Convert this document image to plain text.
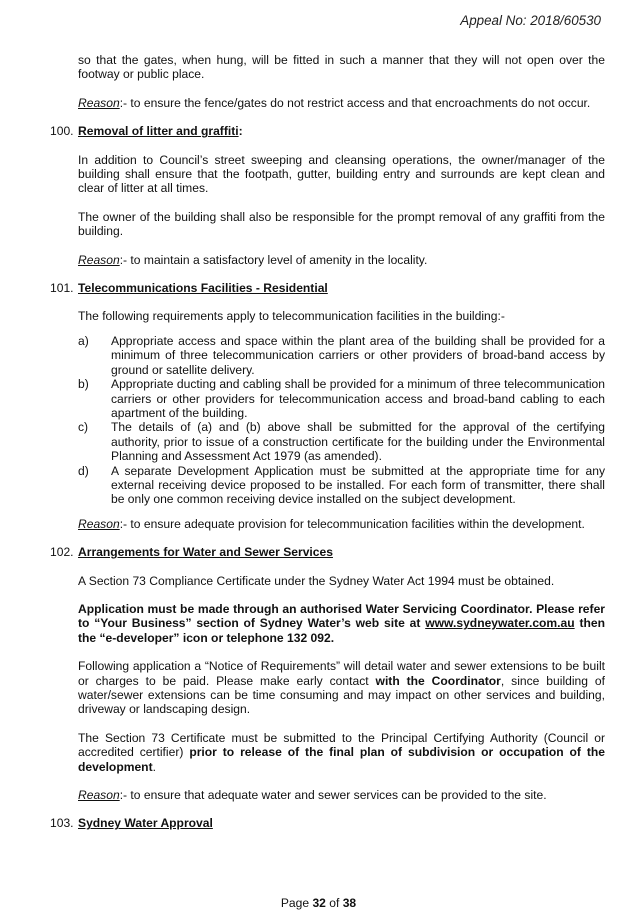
Appeal No: 2018/60530

so that the gates, when hung, will be fitted in such a manner that they will not open over the footway or public place.

Reason:- to ensure the fence/gates do not restrict access and that encroachments do not occur.

100. Removal of litter and graffiti:

In addition to Council’s street sweeping and cleansing operations, the owner/manager of the building shall ensure that the footpath, gutter, building entry and surrounds are kept clean and clear of litter at all times.

The owner of the building shall also be responsible for the prompt removal of any graffiti from the building.

Reason:- to maintain a satisfactory level of amenity in the locality.

101. Telecommunications Facilities - Residential

The following requirements apply to telecommunication facilities in the building:-

a)	Appropriate access and space within the plant area of the building shall be provided for a minimum of three telecommunication carriers or other providers of broad-band access by ground or satellite delivery.
b)	Appropriate ducting and cabling shall be provided for a minimum of three telecommunication carriers or other providers for telecommunication access and broad-band cabling to each apartment of the building.
c)	The details of (a) and (b) above shall be submitted for the approval of the certifying authority, prior to issue of a construction certificate for the building under the Environmental Planning and Assessment Act 1979 (as amended).
d)	A separate Development Application must be submitted at the appropriate time for any external receiving device proposed to be installed. For each form of transmitter, there shall be only one common receiving device installed on the subject development.

Reason:- to ensure adequate provision for telecommunication facilities within the development.

102. Arrangements for Water and Sewer Services

A Section 73 Compliance Certificate under the Sydney Water Act 1994 must be obtained.

Application must be made through an authorised Water Servicing Coordinator. Please refer to “Your Business” section of Sydney Water’s web site at www.sydneywater.com.au then the “e-developer” icon or telephone 132 092.

Following application a “Notice of Requirements” will detail water and sewer extensions to be built or charges to be paid. Please make early contact with the Coordinator, since building of water/sewer extensions can be time consuming and may impact on other services and building, driveway or landscaping design.

The Section 73 Certificate must be submitted to the Principal Certifying Authority (Council or accredited certifier) prior to release of the final plan of subdivision or occupation of the development.

Reason:- to ensure that adequate water and sewer services can be provided to the site.

103. Sydney Water Approval
Page 32 of 38
